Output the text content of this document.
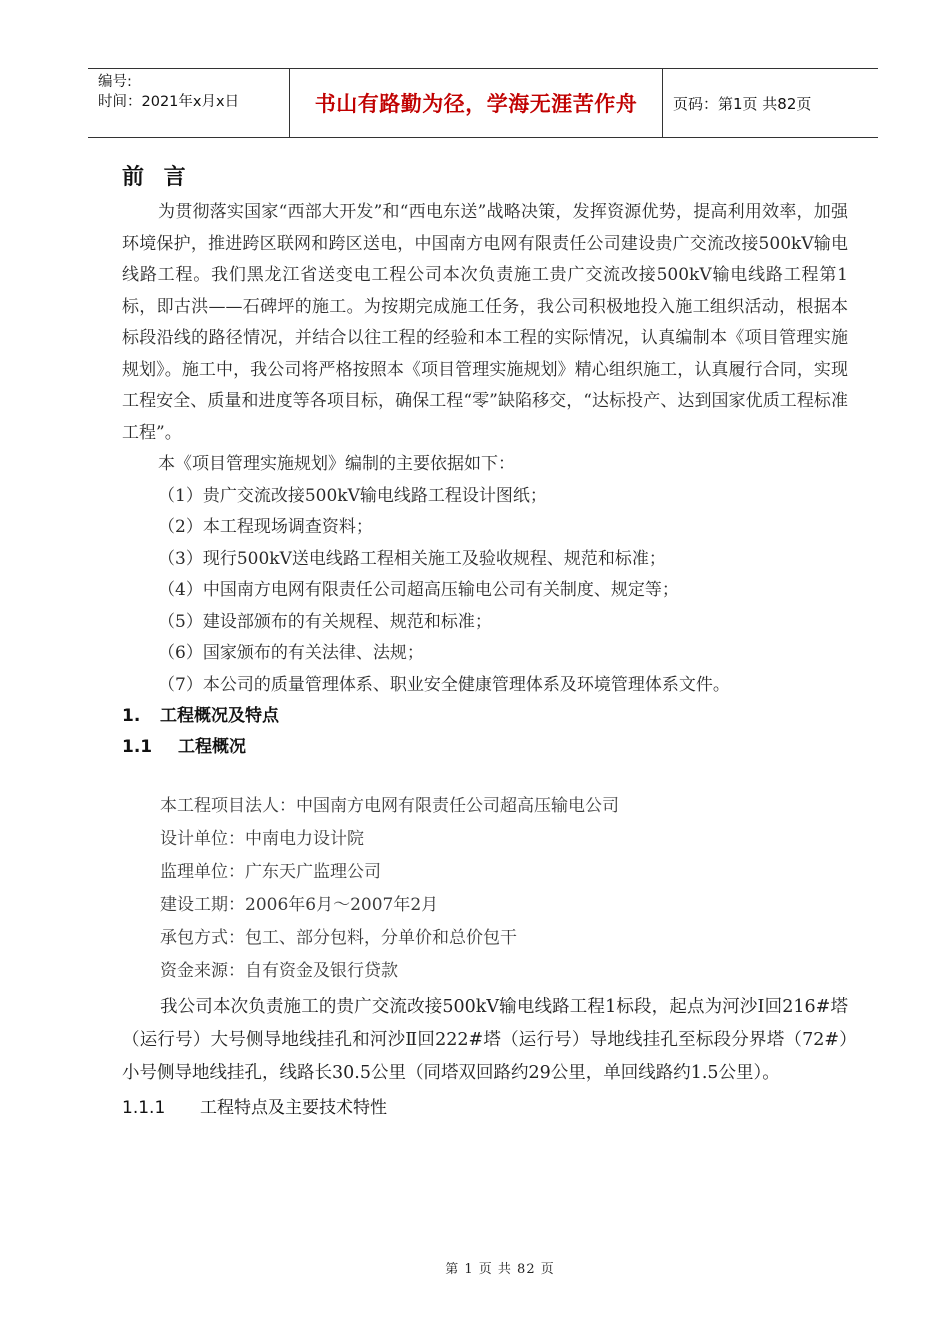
编号:
时间：2021年x月x日	书山有路勤为径，学海无涯苦作舟	页码：第1页 共82页
前 言

为贯彻落实国家“西部大开发”和“西电东送”战略决策，发挥资源优势，提高利用效率，加强环境保护，推进跨区联网和跨区送电，中国南方电网有限责任公司建设贵广交流改接500kV输电线路工程。我们黑龙江省送变电工程公司本次负责施工贵广交流改接500kV输电线路工程第1标，即古洪——石碑坪的施工。为按期完成施工任务，我公司积极地投入施工组织活动，根据本标段沿线的路径情况，并结合以往工程的经验和本工程的实际情况，认真编制本《项目管理实施规划》。施工中，我公司将严格按照本《项目管理实施规划》精心组织施工，认真履行合同，实现工程安全、质量和进度等各项目标，确保工程“零”缺陷移交，“达标投产、达到国家优质工程标准工程”。

本《项目管理实施规划》编制的主要依据如下：

（1）贵广交流改接500kV输电线路工程设计图纸；

（2）本工程现场调查资料；

（3）现行500kV送电线路工程相关施工及验收规程、规范和标准；

（4）中国南方电网有限责任公司超高压输电公司有关制度、规定等；

（5）建设部颁布的有关规程、规范和标准；

（6）国家颁布的有关法律、法规；

（7）本公司的质量管理体系、职业安全健康管理体系及环境管理体系文件。

1. 工程概况及特点

1.1 工程概况

本工程项目法人：中国南方电网有限责任公司超高压输电公司

设计单位：中南电力设计院

监理单位：广东天广监理公司

建设工期：2006年6月～2007年2月

承包方式：包工、部分包料，分单价和总价包干

资金来源：自有资金及银行贷款

我公司本次负责施工的贵广交流改接500kV输电线路工程1标段，起点为河沙Ⅰ回216#塔（运行号）大号侧导地线挂孔和河沙Ⅱ回222#塔（运行号）导地线挂孔至标段分界塔（72#）小号侧导地线挂孔，线路长30.5公里（同塔双回路约29公里，单回线路约1.5公里）。

1.1.1 工程特点及主要技术特性

第 1 页 共 82 页
